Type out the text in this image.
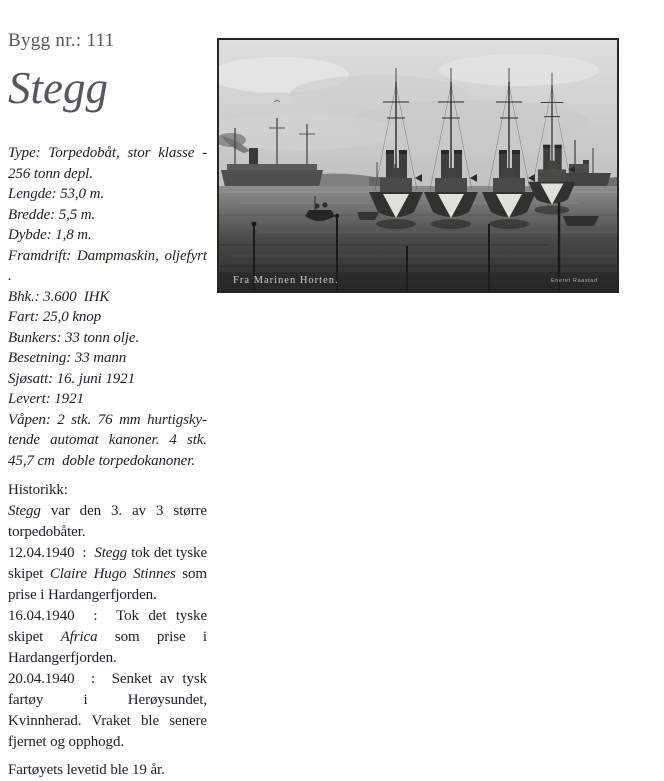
Bygg nr.: 111
Stegg

Type: Torpedobåt, stor klasse - 256 tonn depl.

Lengde: 53,0 m.

Bredde: 5,5 m.

Dybde: 1,8 m.

Framdrift: Dampmaskin, oljefyrt .

Bhk.: 3.600  IHK

Fart: 25,0 knop

Bunkers: 33 tonn olje.

Besetning: 33 mann

Sjøsatt: 16. juni 1921

Levert: 1921

Våpen: 2 stk. 76 mm hurtigskytende automat kanoner. 4 stk. 45,7 cm  doble torpedokanoner.

Historikk:

Stegg var den 3. av 3 større torpedobåter.

12.04.1940  :  Stegg tok det tyske skipet Claire Hugo Stinnes som prise i Hardangerfjorden.

16.04.1940  :  Tok det tyske skipet Africa som prise i Hardangerfjorden.

20.04.1940  :  Senket av tysk fartøy i Herøysundet, Kvinnherad. Vraket ble senere fjernet og opphogd.

Fartøyets levetid ble 19 år.

Fra Marinen Horten.	Eneret Raastad
